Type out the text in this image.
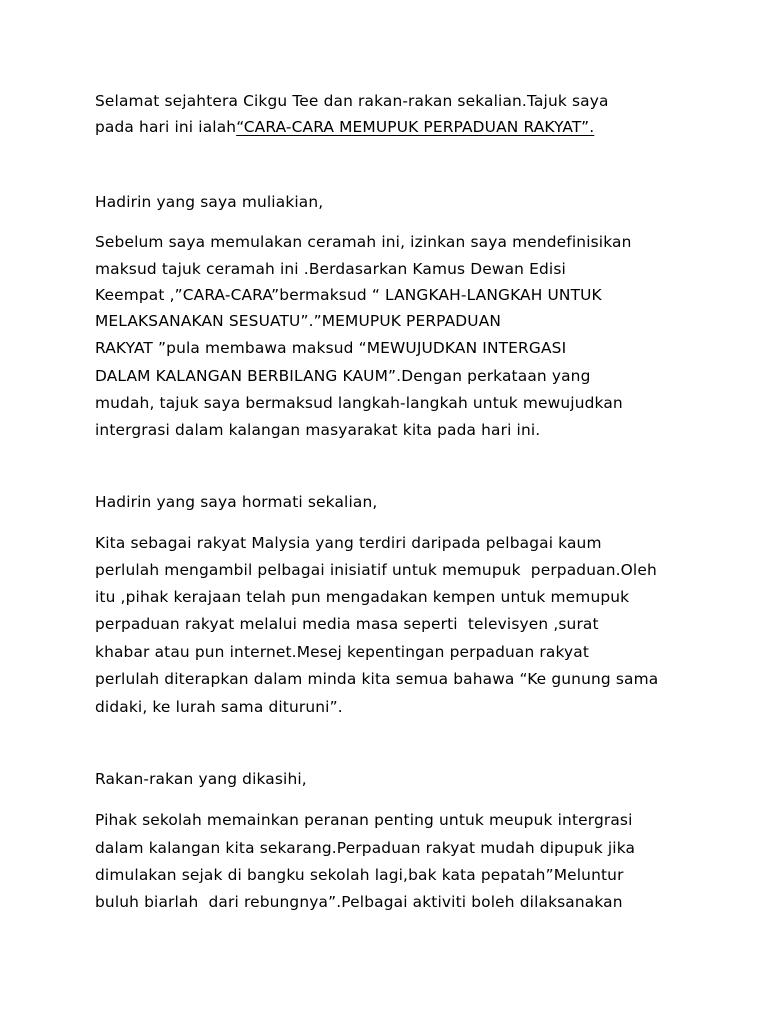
Selamat sejahtera Cikgu Tee dan rakan-rakan sekalian.Tajuk saya
pada hari ini ialah“CARA-CARA MEMUPUK PERPADUAN RAKYAT”.
Hadirin yang saya muliakian,
Sebelum saya memulakan ceramah ini, izinkan saya mendefinisikan
maksud tajuk ceramah ini .Berdasarkan Kamus Dewan Edisi
Keempat ,”CARA-CARA”bermaksud “ LANGKAH-LANGKAH UNTUK
MELAKSANAKAN SESUATU”.”MEMUPUK PERPADUAN
RAKYAT ”pula membawa maksud “MEWUJUDKAN INTERGASI
DALAM KALANGAN BERBILANG KAUM”.Dengan perkataan yang
mudah, tajuk saya bermaksud langkah-langkah untuk mewujudkan
intergrasi dalam kalangan masyarakat kita pada hari ini.
Hadirin yang saya hormati sekalian,
Kita sebagai rakyat Malysia yang terdiri daripada pelbagai kaum
perlulah mengambil pelbagai inisiatif untuk memupuk  perpaduan.Oleh
itu ,pihak kerajaan telah pun mengadakan kempen untuk memupuk
perpaduan rakyat melalui media masa seperti  televisyen ,surat
khabar atau pun internet.Mesej kepentingan perpaduan rakyat
perlulah diterapkan dalam minda kita semua bahawa “Ke gunung sama
didaki, ke lurah sama dituruni”.
Rakan-rakan yang dikasihi,
Pihak sekolah memainkan peranan penting untuk meupuk intergrasi
dalam kalangan kita sekarang.Perpaduan rakyat mudah dipupuk jika
dimulakan sejak di bangku sekolah lagi,bak kata pepatah”Meluntur
buluh biarlah  dari rebungnya”.Pelbagai aktiviti boleh dilaksanakan
